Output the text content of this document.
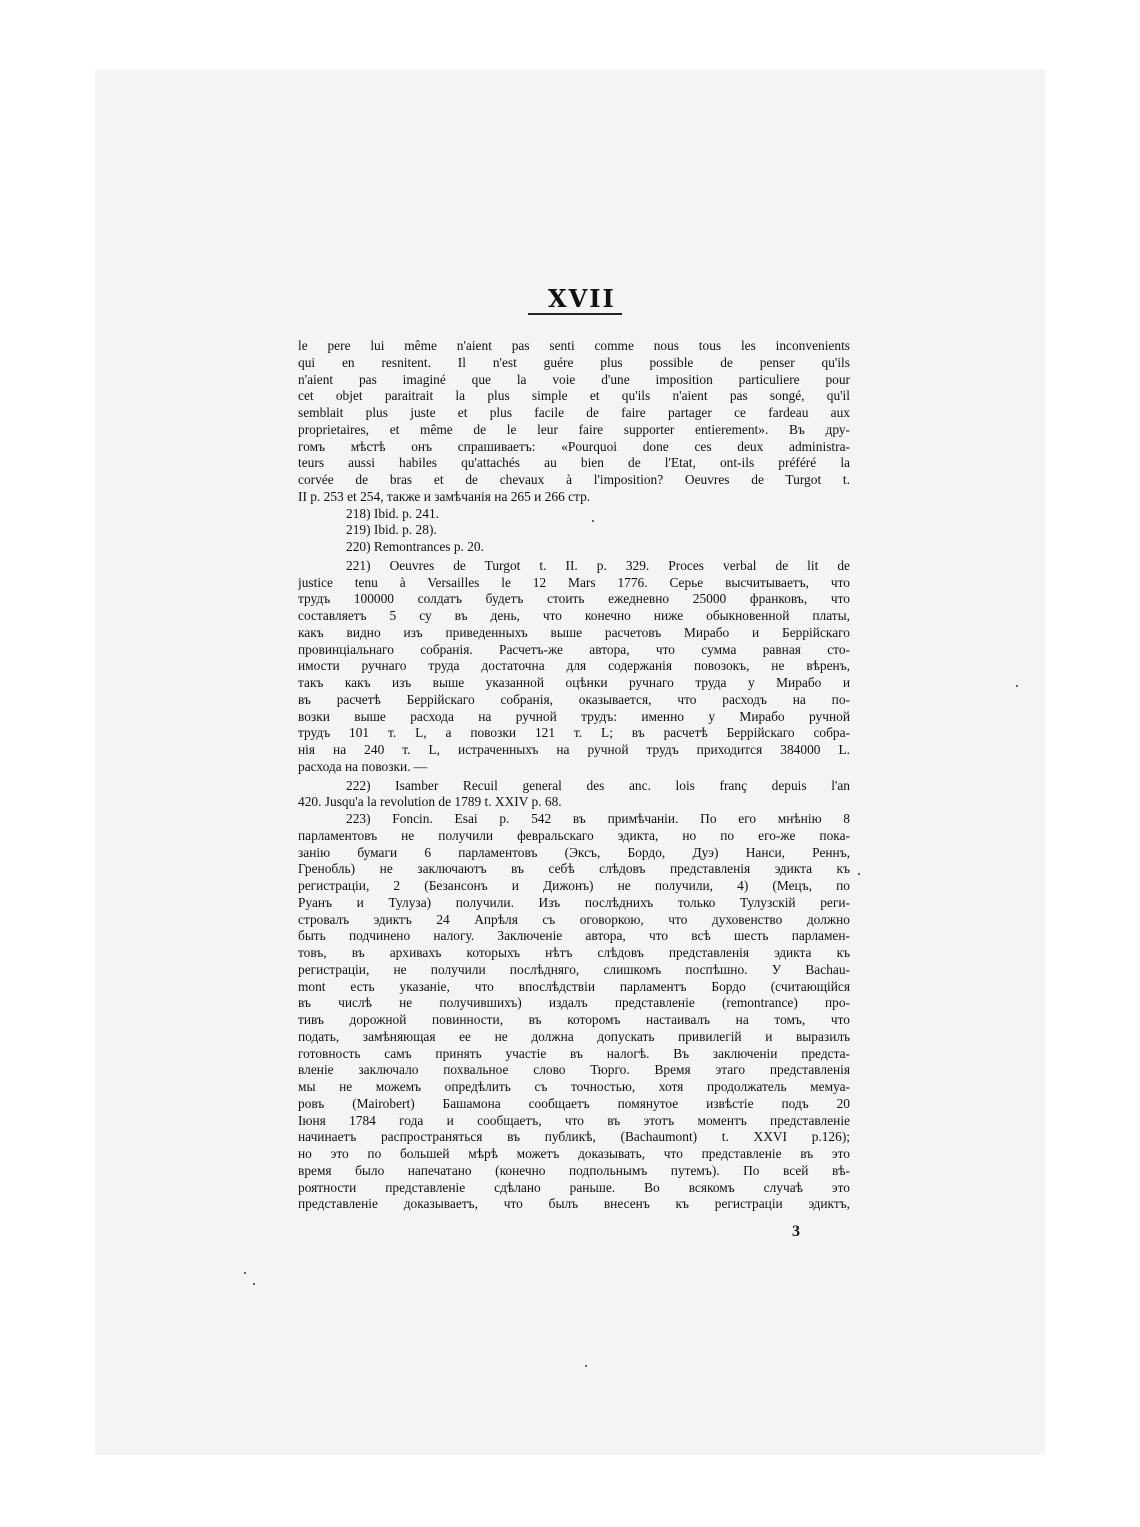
XVII
le pere lui même n'aient pas senti comme nous tous les inconvenients
qui en resnitent. Il n'est guére plus possible de penser qu'ils
n'aient pas imaginé que la voie d'une imposition particuliere pour
cet objet paraitrait la plus simple et qu'ils n'aient pas songé, qu'il
semblait plus juste et plus facile de faire partager ce fardeau aux
proprietaires, et même de le leur faire supporter entierement». Въ дру-
гомъ мѣстѣ онъ спрашиваетъ: «Pourquoi done ces deux administra-
teurs aussi habiles qu'attachés au bien de l'Etat, ont-ils préféré la
corvée de bras et de chevaux à l'imposition? Oeuvres de Turgot t.
II p. 253 et 254, также и замѣчанія на 265 и 266 стр.
218) Ibid. p. 241.
219) Ibid. p. 28).
220) Remontrances p. 20.
221) Oeuvres de Turgot t. II. p. 329. Proces verbal de lit de
justice tenu à Versailles le 12 Mars 1776. Серье высчитываетъ, что
трудъ 100000 солдатъ будетъ стоить ежедневно 25000 франковъ, что
составляетъ 5 су въ день, что конечно ниже обыкновенной платы,
какъ видно изъ приведенныхъ выше расчетовъ Мирабо и Беррійскаго
провинціальнаго собранія. Расчетъ-же автора, что сумма равная сто-
имости ручнаго труда достаточна для содержанія повозокъ, не вѣренъ,
такъ какъ изъ выше указанной оцѣнки ручнаго труда у Мирабо и
въ расчетѣ Беррійскаго собранія, оказывается, что расходъ на по-
возки выше расхода на ручной трудъ: именно у Мирабо ручной
трудъ 101 т. L, а повозки 121 т. L; въ расчетѣ Беррійскаго собра-
нія на 240 т. L, истраченныхъ на ручной трудъ приходится 384000 L.
расхода на повозки. —
222) Isamber Recuil general des anc. lois franç depuis l'an
420. Jusqu'a la revolution de 1789 t. XXIV p. 68.
223) Foncin. Esai p. 542 въ примѣчаніи. По его мнѣнію 8
парламентовъ не получили февральскаго эдикта, но по его-же пока-
занію бумаги 6 парламентовъ (Эксъ, Бордо, Дуэ) Нанси, Реннъ,
Гренобль) не заключаютъ въ себѣ слѣдовъ представленія эдикта къ
регистраціи, 2 (Безансонъ и Дижонъ) не получили, 4) (Мецъ, по
Руанъ и Тулуза) получили. Изъ послѣднихъ только Тулузскій реги-
стровалъ эдиктъ 24 Апрѣля съ оговоркою, что духовенство должно
быть подчинено налогу. Заключеніе автора, что всѣ шесть парламен-
товъ, въ архивахъ которыхъ нѣтъ слѣдовъ представленія эдикта къ
регистраціи, не получили послѣдняго, слишкомъ поспѣшно. У Bachau-
mont есть указаніе, что впослѣдствіи парламентъ Бордо (считающійся
въ числѣ не получившихъ) издалъ представленіе (remontrance) про-
тивъ дорожной повинности, въ которомъ настаивалъ на томъ, что
подать, замѣняющая ее не должна допускать привилегій и выразилъ
готовность самъ принять участіе въ налогѣ. Въ заключеніи предста-
вленіе заключало похвальное слово Тюрго. Время этаго представленія
мы не можемъ опредѣлить съ точностью, хотя продолжатель мемуа-
ровъ (Mairobert) Башамона сообщаетъ помянутое извѣстіе подъ 20
Іюня 1784 года и сообщаетъ, что въ этотъ моментъ представленіе
начинаетъ распространяться въ публикѣ, (Bachaumont) t. XXVI p.126);
но это по большей мѣрѣ можетъ доказывать, что представленіе въ это
время было напечатано (конечно подпольнымъ путемъ). По всей вѣ-
роятности представленіе сдѣлано раньше. Во всякомъ случаѣ это
представленіе доказываетъ, что былъ внесенъ къ регистраціи эдиктъ,
3
